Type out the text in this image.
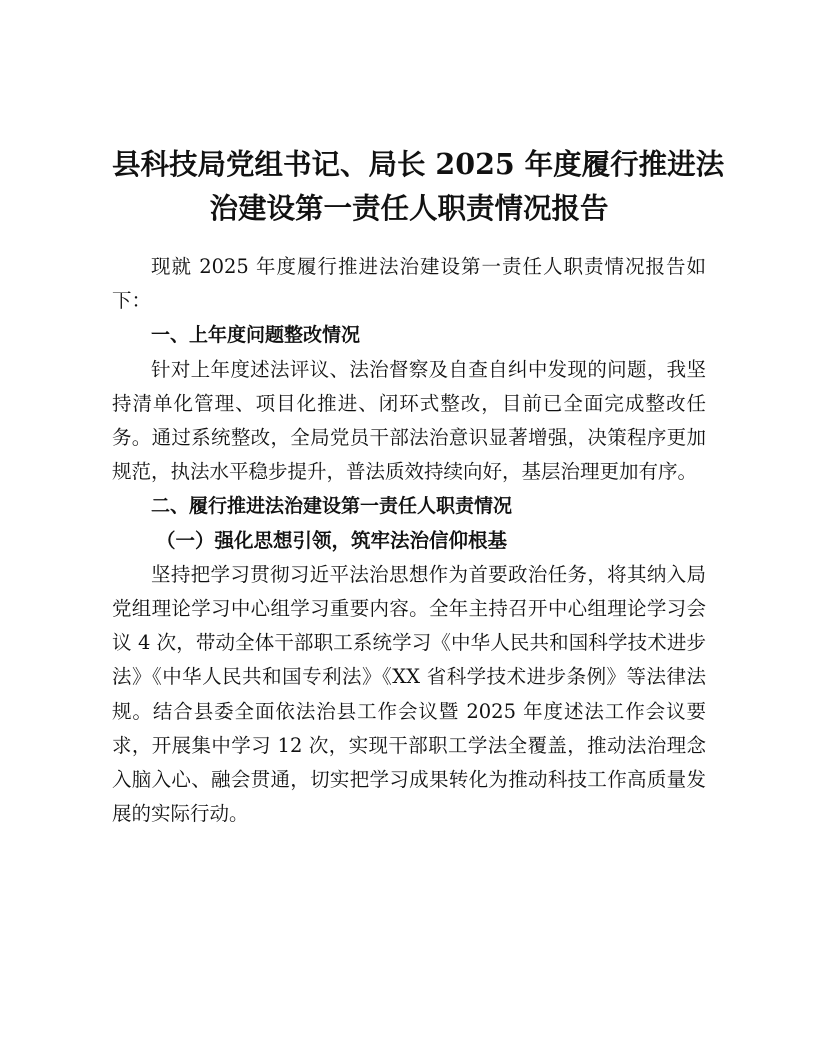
县科技局党组书记、局长 2025 年度履行推进法
治建设第一责任人职责情况报告

现就 2025 年度履行推进法治建设第一责任人职责情况报告如下：

一、上年度问题整改情况

针对上年度述法评议、法治督察及自查自纠中发现的问题，我坚持清单化管理、项目化推进、闭环式整改，目前已全面完成整改任务。通过系统整改，全局党员干部法治意识显著增强，决策程序更加规范，执法水平稳步提升，普法质效持续向好，基层治理更加有序。

二、履行推进法治建设第一责任人职责情况

（一）强化思想引领，筑牢法治信仰根基

坚持把学习贯彻习近平法治思想作为首要政治任务，将其纳入局党组理论学习中心组学习重要内容。全年主持召开中心组理论学习会议 4 次，带动全体干部职工系统学习《中华人民共和国科学技术进步法》《中华人民共和国专利法》《XX 省科学技术进步条例》等法律法规。结合县委全面依法治县工作会议暨 2025 年度述法工作会议要求，开展集中学习 12 次，实现干部职工学法全覆盖，推动法治理念入脑入心、融会贯通，切实把学习成果转化为推动科技工作高质量发展的实际行动。
